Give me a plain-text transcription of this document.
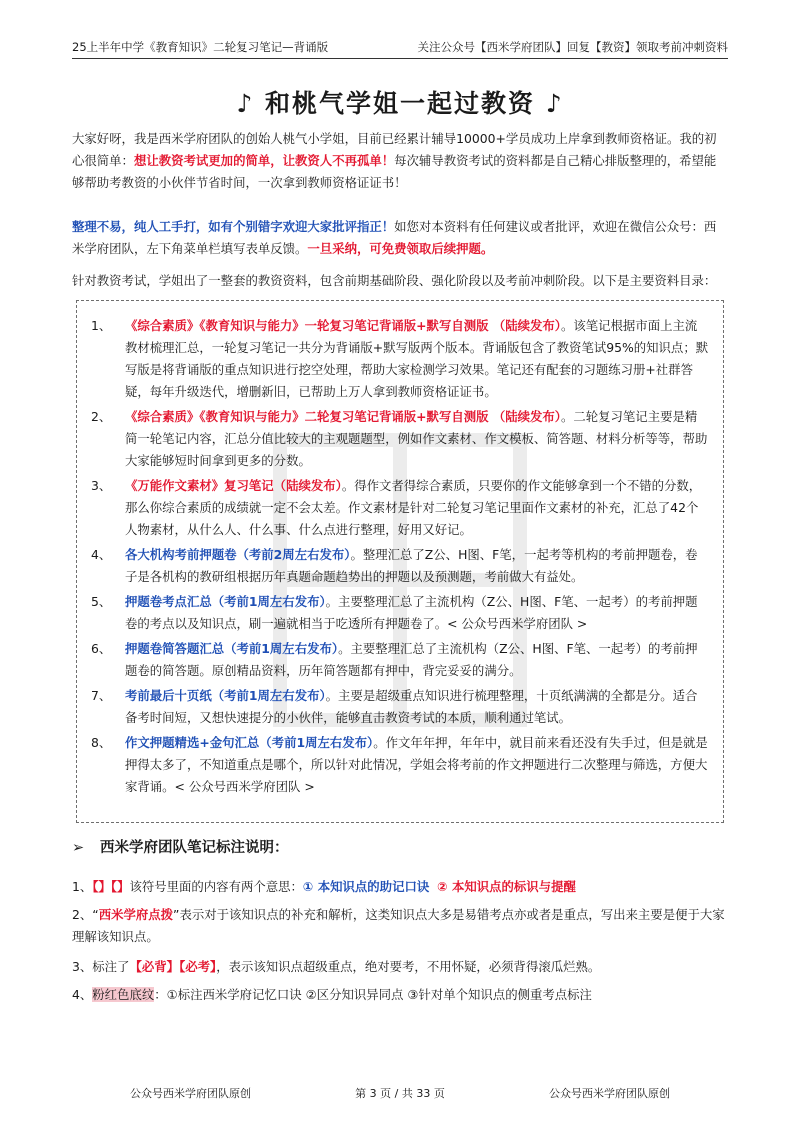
25上半年中学《教育知识》二轮复习笔记—背诵版	关注公众号【西米学府团队】回复【教资】领取考前冲刺资料
♪ 和桃气学姐一起过教资 ♪
大家好呀，我是西米学府团队的创始人桃气小学姐，目前已经累计辅导10000+学员成功上岸拿到教师资格证。我的初心很简单：想让教资考试更加的简单，让教资人不再孤单！每次辅导教资考试的资料都是自己精心排版整理的，希望能够帮助考教资的小伙伴节省时间，一次拿到教师资格证证书！
整理不易，纯人工手打，如有个别错字欢迎大家批评指正！如您对本资料有任何建议或者批评，欢迎在微信公众号：西米学府团队，左下角菜单栏填写表单反馈。一旦采纳，可免费领取后续押题。
针对教资考试，学姐出了一整套的教资资料，包含前期基础阶段、强化阶段以及考前冲刺阶段。以下是主要资料目录：
1、	《综合素质》《教育知识与能力》一轮复习笔记背诵版+默写自测版 （陆续发布）。该笔记根据市面上主流教材梳理汇总，一轮复习笔记一共分为背诵版+默写版两个版本。背诵版包含了教资笔试95%的知识点；默写版是将背诵版的重点知识进行挖空处理，帮助大家检测学习效果。笔记还有配套的习题练习册+社群答疑，每年升级迭代，增删新旧，已帮助上万人拿到教师资格证证书。
2、	《综合素质》《教育知识与能力》二轮复习笔记背诵版+默写自测版 （陆续发布）。二轮复习笔记主要是精简一轮笔记内容，汇总分值比较大的主观题题型，例如作文素材、作文模板、简答题、材料分析等等，帮助大家能够短时间拿到更多的分数。
3、	《万能作文素材》复习笔记（陆续发布）。得作文者得综合素质，只要你的作文能够拿到一个不错的分数，那么你综合素质的成绩就一定不会太差。作文素材是针对二轮复习笔记里面作文素材的补充，汇总了42个人物素材，从什么人、什么事、什么点进行整理，好用又好记。
4、	各大机构考前押题卷（考前2周左右发布）。整理汇总了Z公、H图、F笔，一起考等机构的考前押题卷，卷子是各机构的教研组根据历年真题命题趋势出的押题以及预测题，考前做大有益处。
5、	押题卷考点汇总（考前1周左右发布）。主要整理汇总了主流机构（Z公、H图、F笔、一起考）的考前押题卷的考点以及知识点，刷一遍就相当于吃透所有押题卷了。< 公众号西米学府团队 >
6、	押题卷简答题汇总（考前1周左右发布）。主要整理汇总了主流机构（Z公、H图、F笔、一起考）的考前押题卷的简答题。原创精品资料，历年简答题都有押中，背完妥妥的满分。
7、	考前最后十页纸（考前1周左右发布）。主要是超级重点知识进行梳理整理，十页纸满满的全都是分。适合备考时间短，又想快速提分的小伙伴，能够直击教资考试的本质，顺利通过笔试。
8、	作文押题精选+金句汇总（考前1周左右发布）。作文年年押，年年中，就目前来看还没有失手过，但是就是押得太多了，不知道重点是哪个，所以针对此情况，学姐会将考前的作文押题进行二次整理与筛选，方便大家背诵。< 公众号西米学府团队 >
➢ 西米学府团队笔记标注说明：
1、【】【】该符号里面的内容有两个意思：① 本知识点的助记口诀 ② 本知识点的标识与提醒
2、“西米学府点拨”表示对于该知识点的补充和解析，这类知识点大多是易错考点亦或者是重点，写出来主要是便于大家理解该知识点。
3、标注了【必背】【必考】，表示该知识点超级重点，绝对要考，不用怀疑，必须背得滚瓜烂熟。
4、粉红色底纹：①标注西米学府记忆口诀 ②区分知识异同点 ③针对单个知识点的侧重考点标注
公众号西米学府团队原创	第 3 页 / 共 33 页	公众号西米学府团队原创
